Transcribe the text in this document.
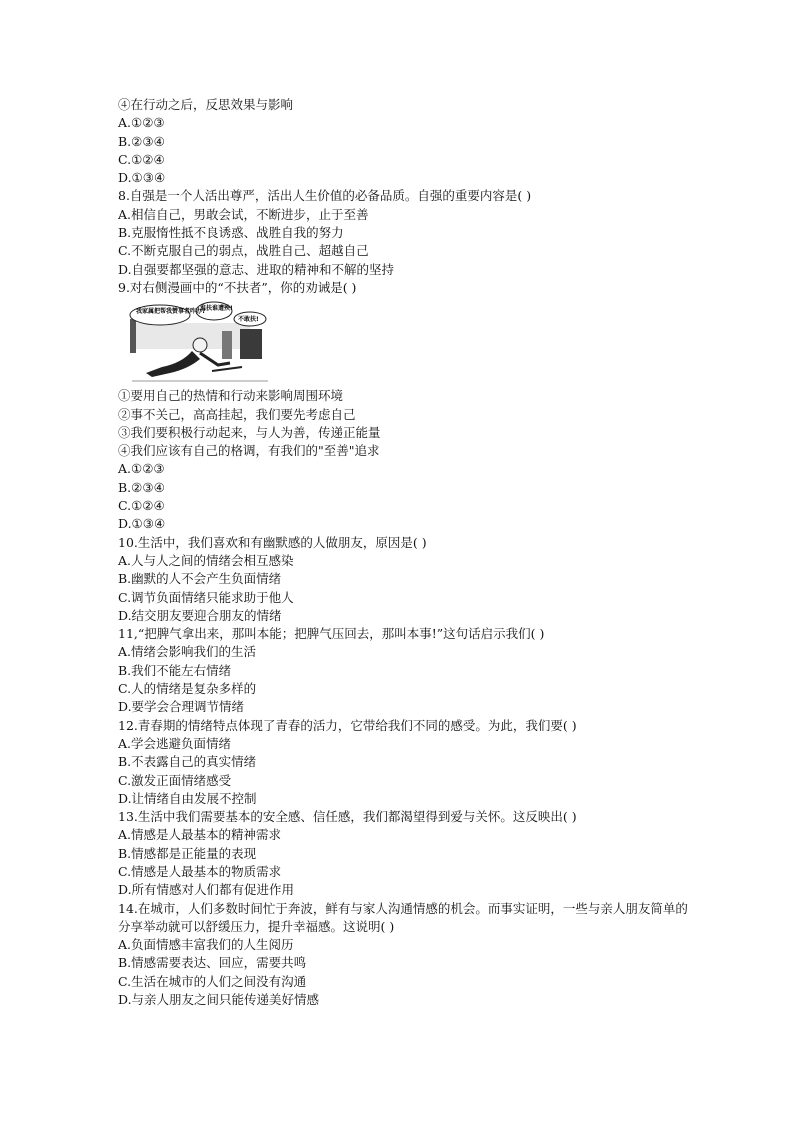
④在行动之后，反思效果与影响
A.①②③
B.②③④
C.①②④
D.①③④
8.自强是一个人活出尊严，活出人生价值的必备品质。自强的重要内容是( )
A.相信自己，男敢会试，不断进步，止于至善
B.克服惰性抵不良诱惑、战胜自我的努力
C.不断克服自己的弱点，战胜自己、超越自己
D.自强要都坚强的意志、进取的精神和不解的坚持
9.对右侧漫画中的“不扶者”，你的劝诫是( )
我家属把帮我赞事者咋办?
谁扶谁遭殃!
不敢扶!
①要用自己的热情和行动来影响周围环境
②事不关己，高高挂起，我们要先考虑自己
③我们要积极行动起来，与人为善，传递正能量
④我们应该有自己的格调，有我们的"至善"追求
A.①②③
B.②③④
C.①②④
D.①③④
10.生活中，我们喜欢和有幽默感的人做朋友，原因是( )
A.人与人之间的情绪会相互感染
B.幽默的人不会产生负面情绪
C.调节负面情绪只能求助于他人
D.结交朋友要迎合朋友的情绪
11,“把脾气拿出来，那叫本能；把脾气压回去，那叫本事!”这句话启示我们( )
A.情绪会影响我们的生活
B.我们不能左右情绪
C.人的情绪是复杂多样的
D.要学会合理调节情绪
12.青春期的情绪特点体现了青春的活力，它带给我们不同的感受。为此，我们要( )
A.学会逃避负面情绪
B.不表露自己的真实情绪
C.激发正面情绪感受
D.让情绪自由发展不控制
13.生活中我们需要基本的安全感、信任感，我们都渴望得到爱与关怀。这反映出( )
A.情感是人最基本的精神需求
B.情感都是正能量的表现
C.情感是人最基本的物质需求
D.所有情感对人们都有促进作用
14.在城市，人们多数时间忙于奔波，鲜有与家人沟通情感的机会。而事实证明，一些与亲人朋友简单的分享举动就可以舒缓压力，提升幸福感。这说明( )
A.负面情感丰富我们的人生阅历
B.情感需要表达、回应，需要共鸣
C.生活在城市的人们之间没有沟通
D.与亲人朋友之间只能传递美好情感
